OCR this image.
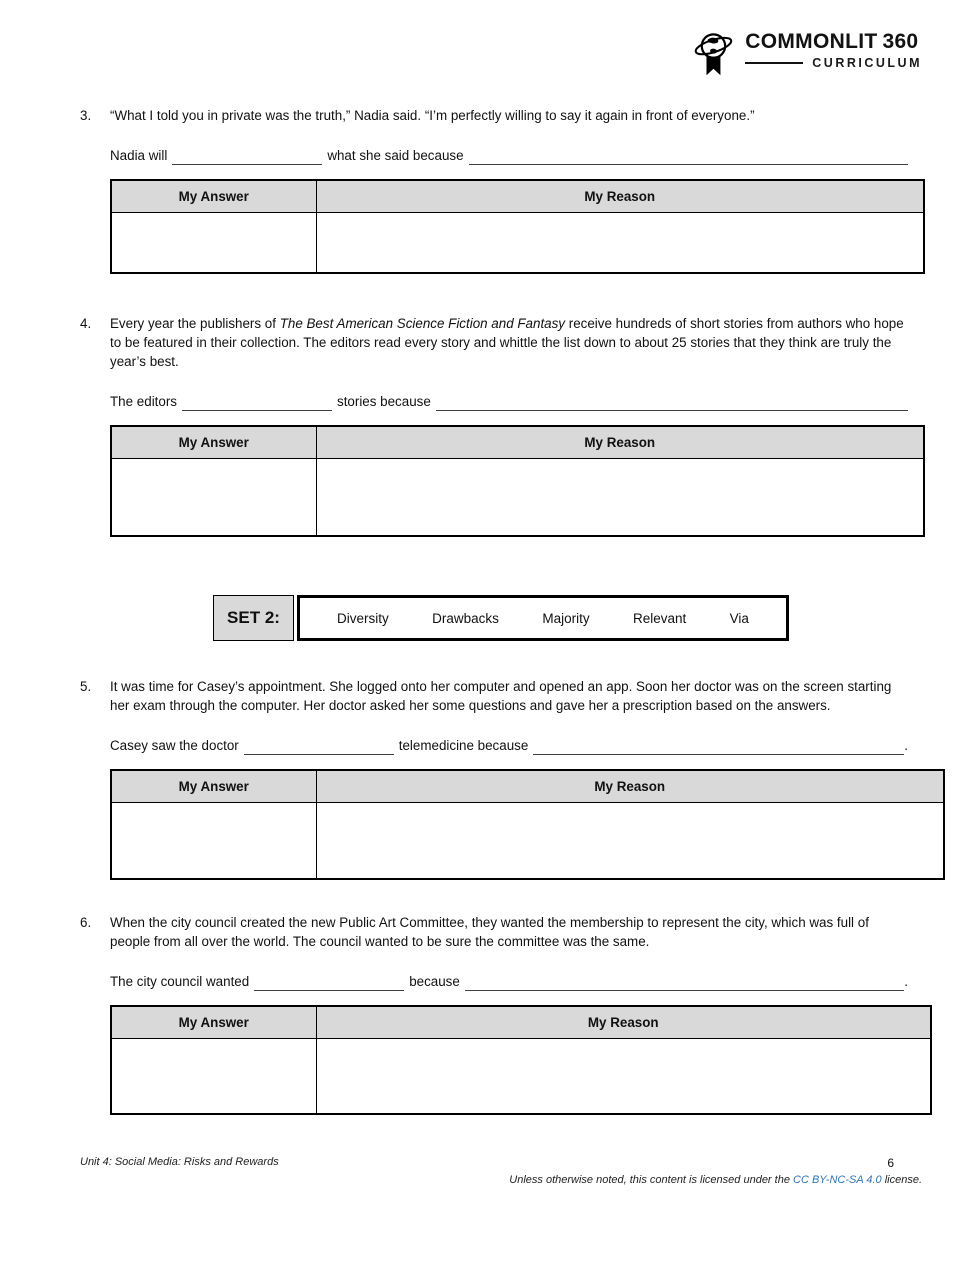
COMMONLIT 360
CURRICULUM
3.	“What I told you in private was the truth,” Nadia said. “I’m perfectly willing to say it again in front of everyone.”

Nadia will	what she said because
My Answer	My Reason

4.	Every year the publishers of The Best American Science Fiction and Fantasy receive hundreds of short stories from authors who hope to be featured in their collection. The editors read every story and whittle the list down to about 25 stories that they think are truly the year’s best.

The editors	stories because
My Answer	My Reason

SET 2:	Diversity	Drawbacks	Majority	Relevant	Via
5.	It was time for Casey’s appointment. She logged onto her computer and opened an app. Soon her doctor was on the screen starting her exam through the computer. Her doctor asked her some questions and gave her a prescription based on the answers.

Casey saw the doctor	telemedicine because	.
My Answer	My Reason

6.	When the city council created the new Public Art Committee, they wanted the membership to represent the city, which was full of people from all over the world. The council wanted to be sure the committee was the same.

The city council wanted	because	.
My Answer	My Reason

Unit 4: Social Media: Risks and Rewards	6
Unless otherwise noted, this content is licensed under the CC BY-NC-SA 4.0 license.
